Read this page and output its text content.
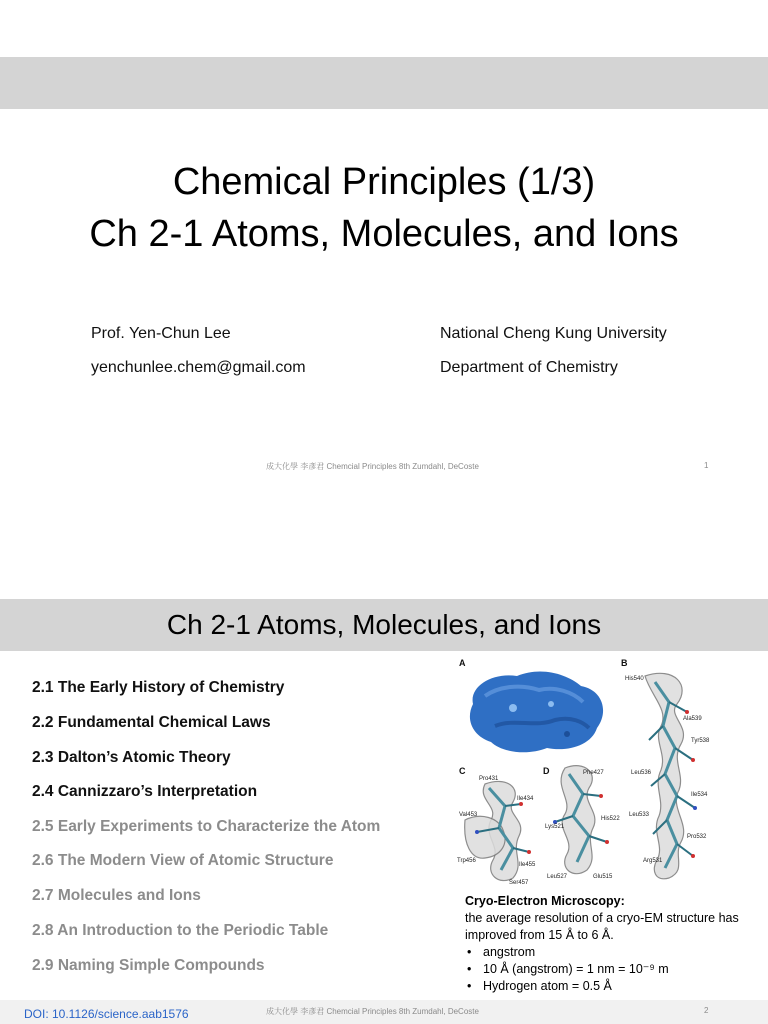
Chemical Principles (1/3)
Ch 2-1 Atoms, Molecules, and Ions
Prof. Yen-Chun Lee
yenchunlee.chem@gmail.com
National Cheng Kung University
Department of Chemistry
成大化學 李彥君 Chemcial Principles 8th Zumdahl, DeCoste	1
Ch 2-1 Atoms, Molecules, and Ions
2.1 The Early History of Chemistry
2.2 Fundamental Chemical Laws
2.3 Dalton’s Atomic Theory
2.4 Cannizzaro’s Interpretation
2.5 Early Experiments to Characterize the Atom
2.6 The Modern View of Atomic Structure
2.7 Molecules and Ions
2.8 An Introduction to the Periodic Table
2.9 Naming Simple Compounds
A	B
His540
Ala539
Tyr538
Leu536
Ile534
Leu533
Pro532
Arg531
C
Pro431
Ile434
Val453
Trp456
Ile455
Ser457
D	Phe427
Lys521
His522
Leu527	Glu515
Cryo-Electron Microscopy:
the average resolution of a cryo-EM structure has improved from 15 Å to 6 Å.
• angstrom
• 10 Å (angstrom) = 1 nm = 10⁻⁹ m
• Hydrogen atom = 0.5 Å
DOI: 10.1126/science.aab1576	成大化學 李彥君 Chemcial Principles 8th Zumdahl, DeCoste	2
